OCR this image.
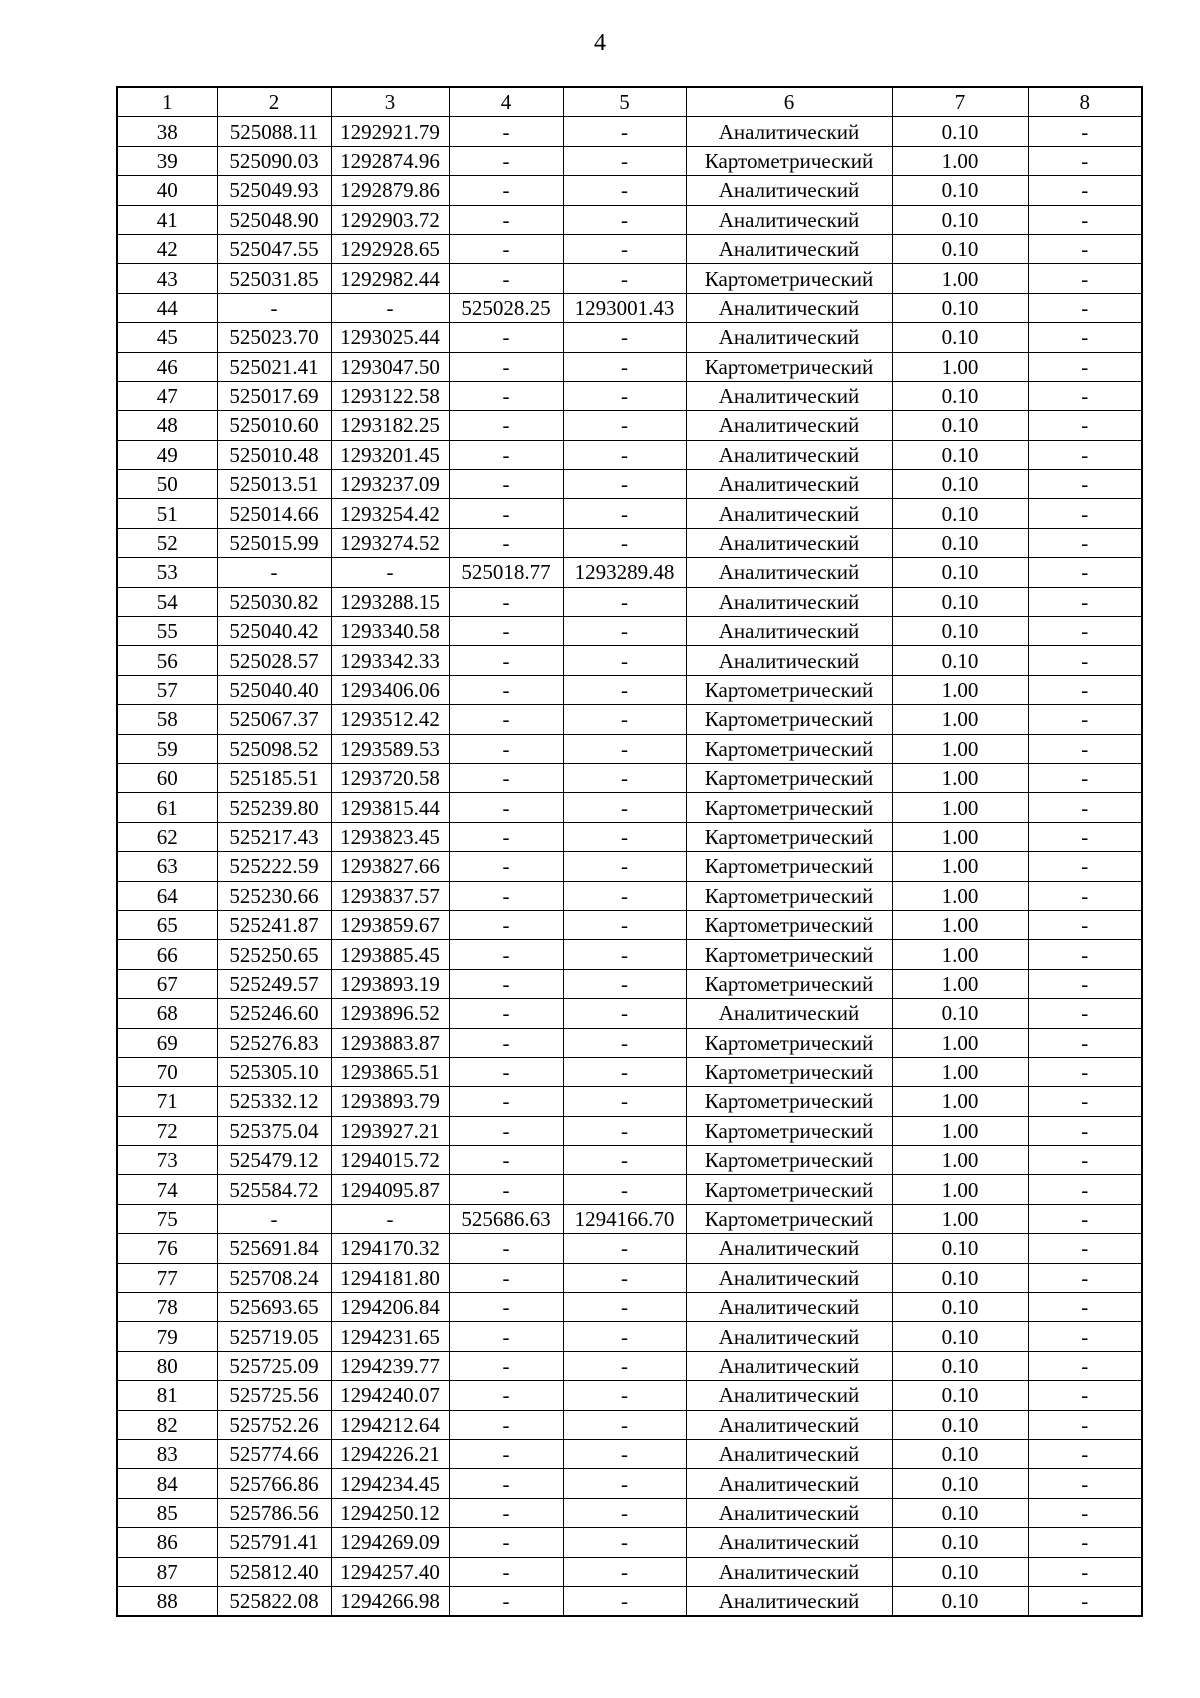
4
1	2	3	4	5	6	7	8
38	525088.11	1292921.79	-	-	Аналитический	0.10	-
39	525090.03	1292874.96	-	-	Картометрический	1.00	-
40	525049.93	1292879.86	-	-	Аналитический	0.10	-
41	525048.90	1292903.72	-	-	Аналитический	0.10	-
42	525047.55	1292928.65	-	-	Аналитический	0.10	-
43	525031.85	1292982.44	-	-	Картометрический	1.00	-
44	-	-	525028.25	1293001.43	Аналитический	0.10	-
45	525023.70	1293025.44	-	-	Аналитический	0.10	-
46	525021.41	1293047.50	-	-	Картометрический	1.00	-
47	525017.69	1293122.58	-	-	Аналитический	0.10	-
48	525010.60	1293182.25	-	-	Аналитический	0.10	-
49	525010.48	1293201.45	-	-	Аналитический	0.10	-
50	525013.51	1293237.09	-	-	Аналитический	0.10	-
51	525014.66	1293254.42	-	-	Аналитический	0.10	-
52	525015.99	1293274.52	-	-	Аналитический	0.10	-
53	-	-	525018.77	1293289.48	Аналитический	0.10	-
54	525030.82	1293288.15	-	-	Аналитический	0.10	-
55	525040.42	1293340.58	-	-	Аналитический	0.10	-
56	525028.57	1293342.33	-	-	Аналитический	0.10	-
57	525040.40	1293406.06	-	-	Картометрический	1.00	-
58	525067.37	1293512.42	-	-	Картометрический	1.00	-
59	525098.52	1293589.53	-	-	Картометрический	1.00	-
60	525185.51	1293720.58	-	-	Картометрический	1.00	-
61	525239.80	1293815.44	-	-	Картометрический	1.00	-
62	525217.43	1293823.45	-	-	Картометрический	1.00	-
63	525222.59	1293827.66	-	-	Картометрический	1.00	-
64	525230.66	1293837.57	-	-	Картометрический	1.00	-
65	525241.87	1293859.67	-	-	Картометрический	1.00	-
66	525250.65	1293885.45	-	-	Картометрический	1.00	-
67	525249.57	1293893.19	-	-	Картометрический	1.00	-
68	525246.60	1293896.52	-	-	Аналитический	0.10	-
69	525276.83	1293883.87	-	-	Картометрический	1.00	-
70	525305.10	1293865.51	-	-	Картометрический	1.00	-
71	525332.12	1293893.79	-	-	Картометрический	1.00	-
72	525375.04	1293927.21	-	-	Картометрический	1.00	-
73	525479.12	1294015.72	-	-	Картометрический	1.00	-
74	525584.72	1294095.87	-	-	Картометрический	1.00	-
75	-	-	525686.63	1294166.70	Картометрический	1.00	-
76	525691.84	1294170.32	-	-	Аналитический	0.10	-
77	525708.24	1294181.80	-	-	Аналитический	0.10	-
78	525693.65	1294206.84	-	-	Аналитический	0.10	-
79	525719.05	1294231.65	-	-	Аналитический	0.10	-
80	525725.09	1294239.77	-	-	Аналитический	0.10	-
81	525725.56	1294240.07	-	-	Аналитический	0.10	-
82	525752.26	1294212.64	-	-	Аналитический	0.10	-
83	525774.66	1294226.21	-	-	Аналитический	0.10	-
84	525766.86	1294234.45	-	-	Аналитический	0.10	-
85	525786.56	1294250.12	-	-	Аналитический	0.10	-
86	525791.41	1294269.09	-	-	Аналитический	0.10	-
87	525812.40	1294257.40	-	-	Аналитический	0.10	-
88	525822.08	1294266.98	-	-	Аналитический	0.10	-
